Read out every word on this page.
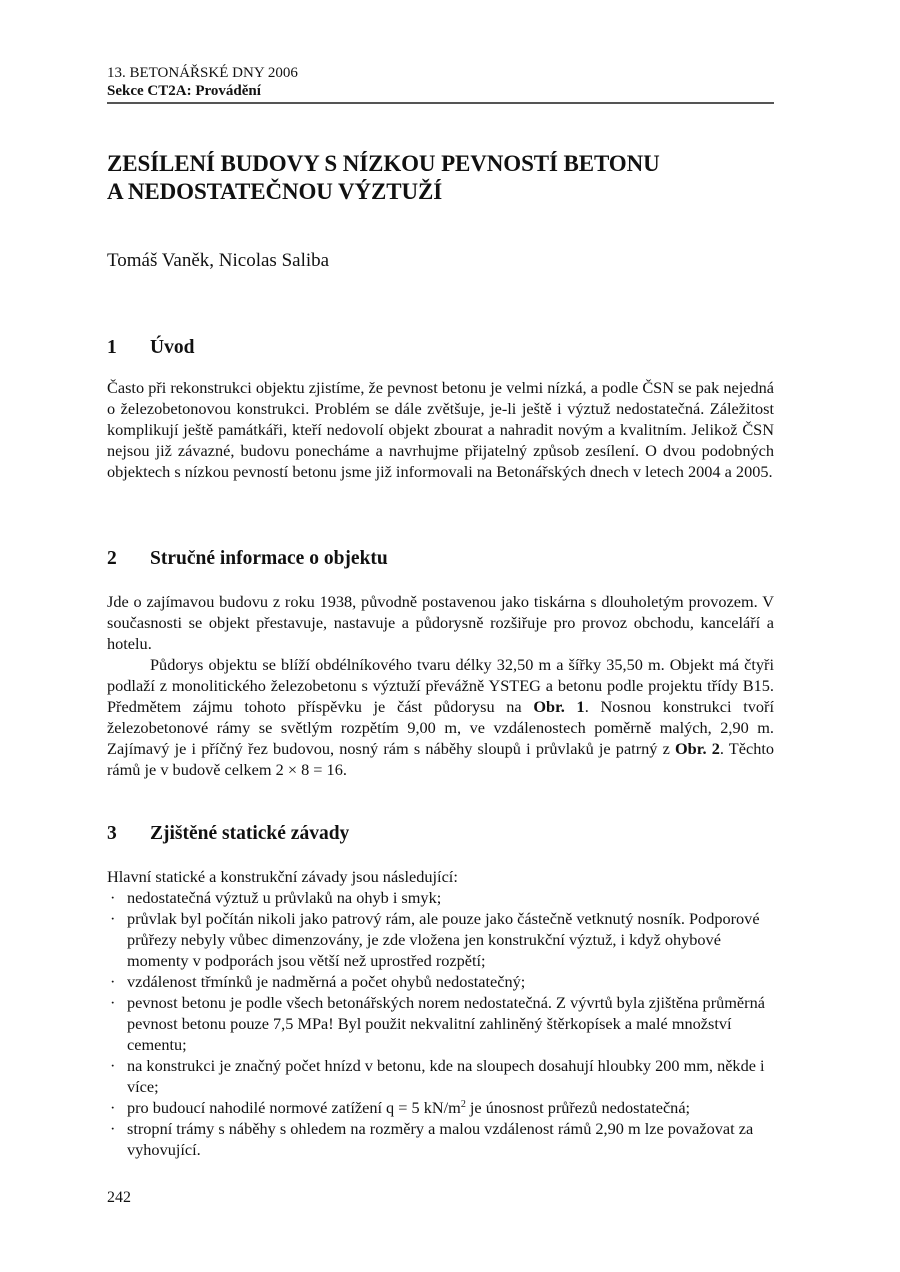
13. BETONÁŘSKÉ DNY 2006
Sekce CT2A: Provádění
ZESÍLENÍ BUDOVY S NÍZKOU PEVNOSTÍ BETONU
A NEDOSTATEČNOU VÝZTUŽÍ
Tomáš Vaněk, Nicolas Saliba
1 Úvod

Často při rekonstrukci objektu zjistíme, že pevnost betonu je velmi nízká, a podle ČSN se pak nejedná o železobetonovou konstrukci. Problém se dále zvětšuje, je-li ještě i výztuž nedostatečná. Záležitost komplikují ještě památkáři, kteří nedovolí objekt zbourat a nahradit novým a kvalitním. Jelikož ČSN nejsou již závazné, budovu ponecháme a navrhujme přijatelný způsob zesílení. O dvou podobných objektech s nízkou pevností betonu jsme již informovali na Betonářských dnech v letech 2004 a 2005.

2 Stručné informace o objektu

Jde o zajímavou budovu z roku 1938, původně postavenou jako tiskárna s dlouholetým provozem. V současnosti se objekt přestavuje, nastavuje a půdorysně rozšiřuje pro provoz obchodu, kanceláří a hotelu.

Půdorys objektu se blíží obdélníkového tvaru délky 32,50 m a šířky 35,50 m. Objekt má čtyři podlaží z monolitického železobetonu s výztuží převážně YSTEG a betonu podle projektu třídy B15. Předmětem zájmu tohoto příspěvku je část půdorysu na Obr. 1. Nosnou konstrukci tvoří železobetonové rámy se světlým rozpětím 9,00 m, ve vzdálenostech poměrně malých, 2,90 m. Zajímavý je i příčný řez budovou, nosný rám s náběhy sloupů i průvlaků je patrný z Obr. 2. Těchto rámů je v budově celkem 2 × 8 = 16.

3 Zjištěné statické závady

Hlavní statické a konstrukční závady jsou následující:

· nedostatečná výztuž u průvlaků na ohyb i smyk;
· průvlak byl počítán nikoli jako patrový rám, ale pouze jako částečně vetknutý nosník. Podporové průřezy nebyly vůbec dimenzovány, je zde vložena jen konstrukční výztuž, i když ohybové momenty v podporách jsou větší než uprostřed rozpětí;
· vzdálenost třmínků je nadměrná a počet ohybů nedostatečný;
· pevnost betonu je podle všech betonářských norem nedostatečná. Z vývrtů byla zjištěna průměrná pevnost betonu pouze 7,5 MPa! Byl použit nekvalitní zahliněný štěrkopísek a malé množství cementu;
· na konstrukci je značný počet hnízd v betonu, kde na sloupech dosahují hloubky 200 mm, někde i více;
· pro budoucí nahodilé normové zatížení q = 5 $kN/m^2$ je únosnost průřezů nedostatečná;
· stropní trámy s náběhy s ohledem na rozměry a malou vzdálenost rámů 2,90 m lze považovat za vyhovující.
242
